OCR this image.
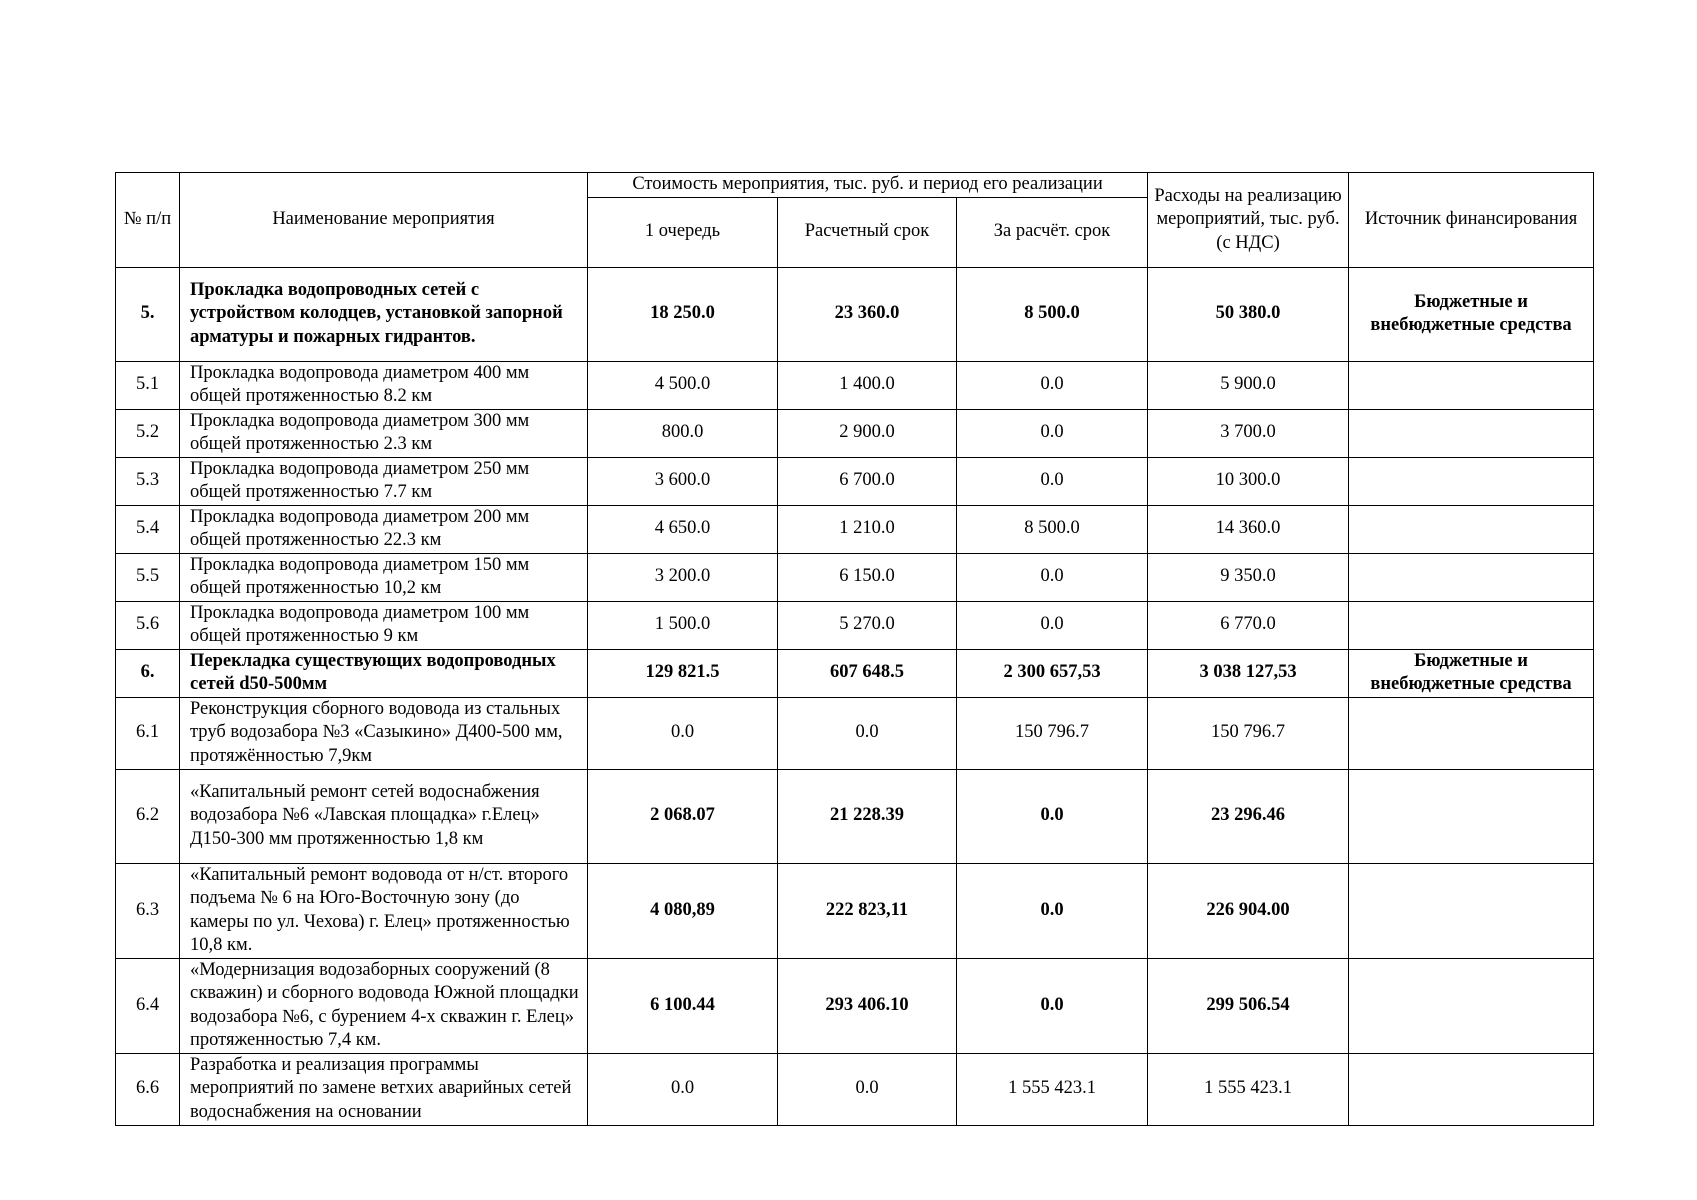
№ п/п	Наименование мероприятия	Стоимость мероприятия, тыс. руб. и период его реализации			Расходы на реализацию мероприятий, тыс. руб. (с НДС)	Источник финансирования
		1 очередь	Расчетный срок	За расчёт. срок		
5.	Прокладка водопроводных сетей с устройством колодцев, установкой запорной арматуры и пожарных гидрантов.	18 250.0	23 360.0	8 500.0	50 380.0	Бюджетные и внебюджетные средства
5.1	Прокладка водопровода диаметром 400 мм общей протяженностью 8.2 км	4 500.0	1 400.0	0.0	5 900.0	
5.2	Прокладка водопровода диаметром 300 мм общей протяженностью 2.3 км	800.0	2 900.0	0.0	3 700.0	
5.3	Прокладка водопровода диаметром 250 мм общей протяженностью 7.7 км	3 600.0	6 700.0	0.0	10 300.0	
5.4	Прокладка водопровода диаметром 200 мм общей протяженностью 22.3 км	4 650.0	1 210.0	8 500.0	14 360.0	
5.5	Прокладка водопровода диаметром 150 мм общей протяженностью 10,2 км	3 200.0	6 150.0	0.0	9 350.0	
5.6	Прокладка водопровода диаметром 100 мм общей протяженностью 9 км	1 500.0	5 270.0	0.0	6 770.0	
6.	Перекладка существующих водопроводных сетей d50-500мм	129 821.5	607 648.5	2 300 657,53	3 038 127,53	Бюджетные и внебюджетные средства
6.1	Реконструкция сборного водовода из стальных труб водозабора №3 «Сазыкино» Д400-500 мм, протяжённостью 7,9км	0.0	0.0	150 796.7	150 796.7	
6.2	«Капитальный ремонт сетей водоснабжения водозабора №6 «Лавская площадка» г.Елец» Д150-300 мм протяженностью 1,8 км	2 068.07	21 228.39	0.0	23 296.46	
6.3	«Капитальный ремонт водовода от н/ст. второго подъема № 6 на Юго-Восточную зону (до камеры по ул. Чехова) г. Елец» протяженностью 10,8 км.	4 080,89	222 823,11	0.0	226 904.00	
6.4	«Модернизация водозаборных сооружений (8 скважин) и сборного водовода Южной площадки водозабора №6, с бурением 4-х скважин г. Елец» протяженностью 7,4 км.	6 100.44	293 406.10	0.0	299 506.54	
6.6	Разработка и реализация программы мероприятий по замене ветхих аварийных сетей водоснабжения на основании	0.0	0.0	1 555 423.1	1 555 423.1	
